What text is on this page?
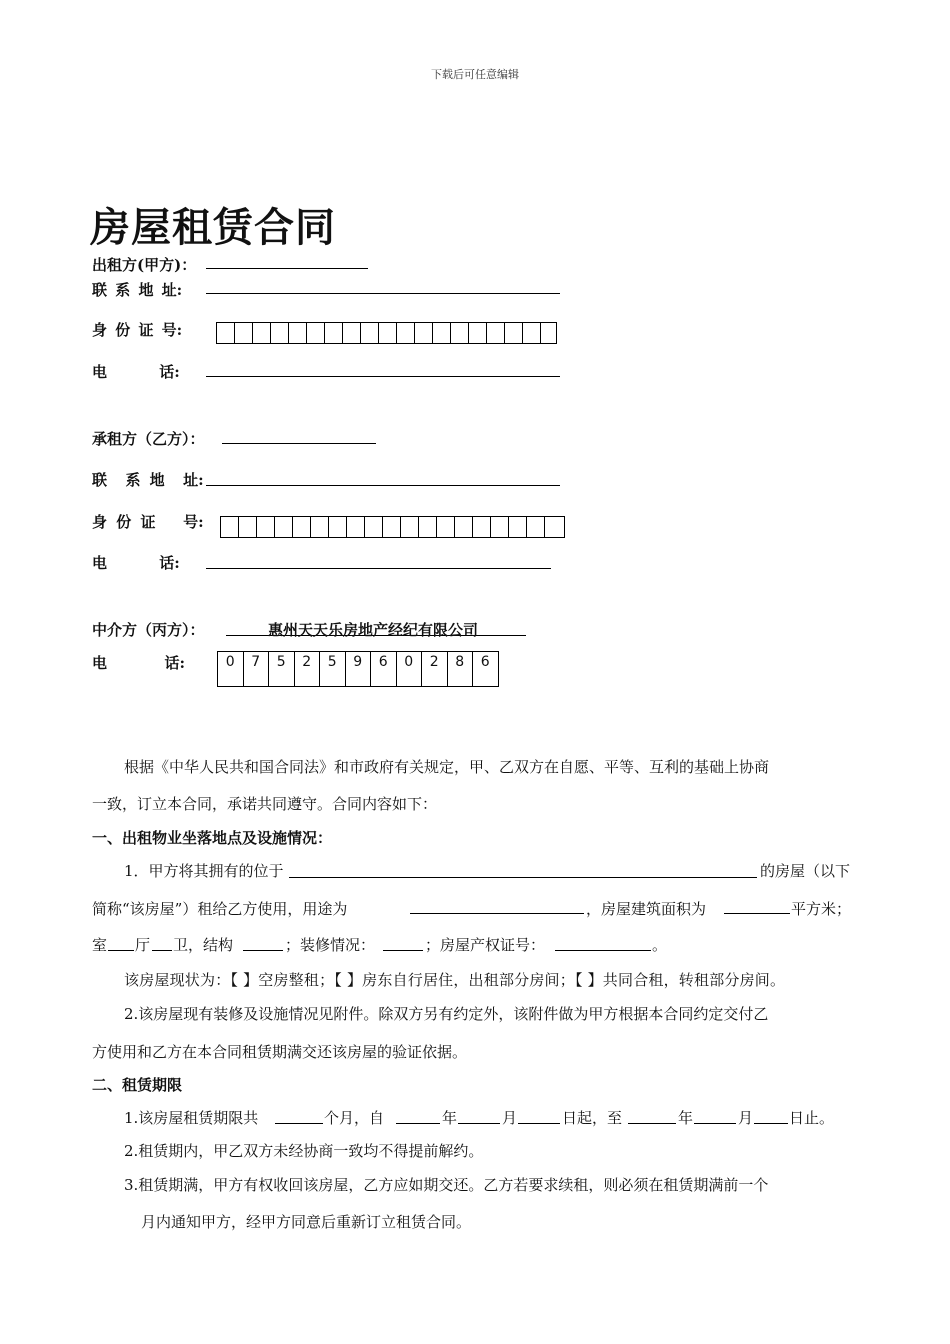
下载后可任意编辑
房屋租赁合同
出租方(甲方)：
联 系 地 址:
身 份 证 号:
电          话:
承租方（乙方）：
联  系 地  址:
身 份 证   号:
电          话:
中介方（丙方）：	惠州天天乐房地产经纪有限公司
电           话:	0	7	5	2	5	9	6	0	2	8	6
根据《中华人民共和国合同法》和市政府有关规定，甲、乙双方在自愿、平等、互利的基础上协商
一致，订立本合同，承诺共同遵守。合同内容如下：
一、出租物业坐落地点及设施情况：
1．甲方将其拥有的位于	的房屋（以下
简称“该房屋”）租给乙方使用，用途为	，房屋建筑面积为	平方米；
室 厅 卫，结构	；装修情况：	；房屋产权证号：	。
该房屋现状为：【 】空房整租；【 】房东自行居住，出租部分房间；【 】共同合租，转租部分房间。
2.该房屋现有装修及设施情况见附件。除双方另有约定外，该附件做为甲方根据本合同约定交付乙
方使用和乙方在本合同租赁期满交还该房屋的验证依据。
二、租赁期限
1.该房屋租赁期限共	个月，自	年	月	日起，至	年	月 日止。
2.租赁期内，甲乙双方未经协商一致均不得提前解约。
3.租赁期满，甲方有权收回该房屋，乙方应如期交还。乙方若要求续租，则必须在租赁期满前一个
月内通知甲方，经甲方同意后重新订立租赁合同。
